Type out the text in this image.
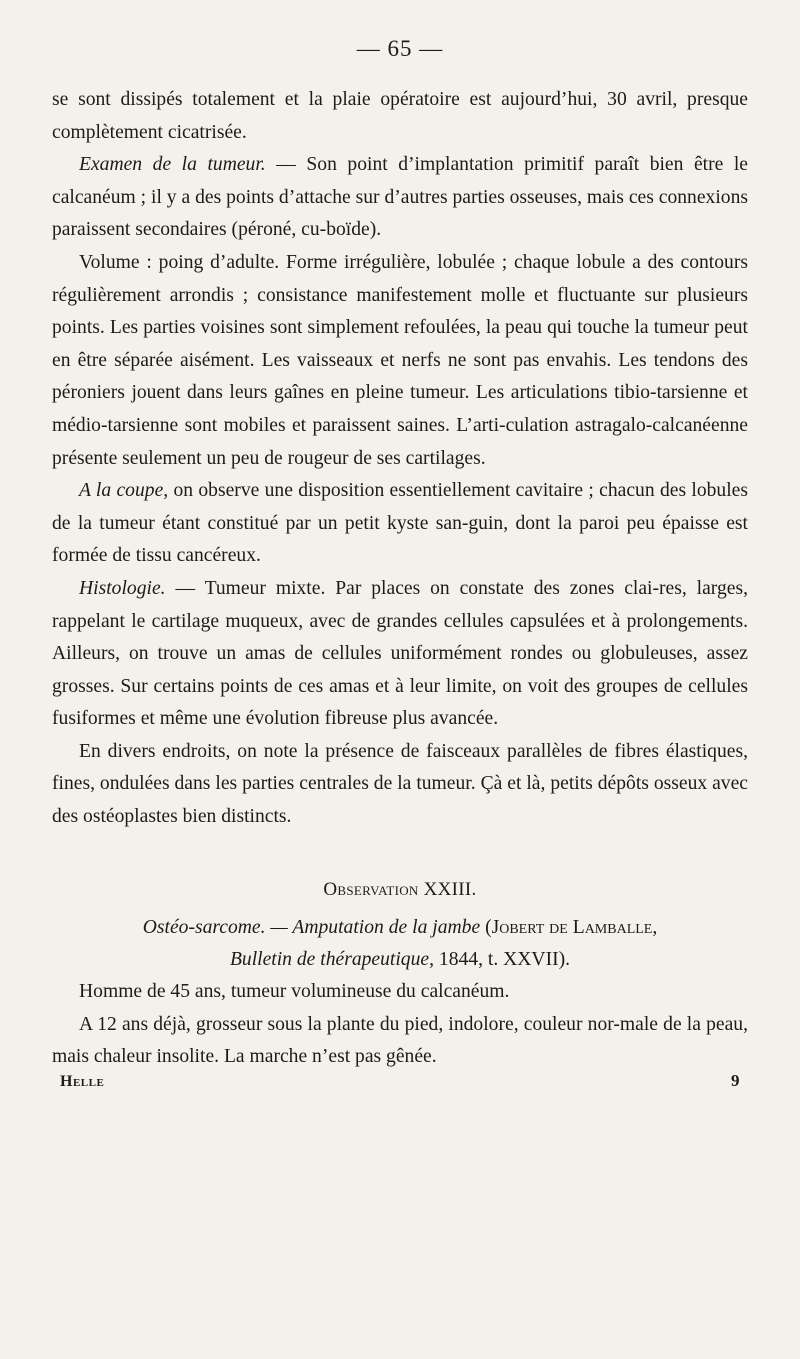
— 65 —

se sont dissipés totalement et la plaie opératoire est aujourd’hui, 30 avril, presque complètement cicatrisée.

Examen de la tumeur. — Son point d’implantation primitif paraît bien être le calcanéum ; il y a des points d’attache sur d’autres parties osseuses, mais ces connexions paraissent secondaires (péroné, cu-boïde).

Volume : poing d’adulte. Forme irrégulière, lobulée ; chaque lobule a des contours régulièrement arrondis ; consistance manifestement molle et fluctuante sur plusieurs points. Les parties voisines sont simplement refoulées, la peau qui touche la tumeur peut en être séparée aisément. Les vaisseaux et nerfs ne sont pas envahis. Les tendons des péroniers jouent dans leurs gaînes en pleine tumeur. Les articulations tibio-tarsienne et médio-tarsienne sont mobiles et paraissent saines. L’arti-culation astragalo-calcanéenne présente seulement un peu de rougeur de ses cartilages.

A la coupe, on observe une disposition essentiellement cavitaire ; chacun des lobules de la tumeur étant constitué par un petit kyste san-guin, dont la paroi peu épaisse est formée de tissu cancéreux.

Histologie. — Tumeur mixte. Par places on constate des zones clai-res, larges, rappelant le cartilage muqueux, avec de grandes cellules capsulées et à prolongements. Ailleurs, on trouve un amas de cellules uniformément rondes ou globuleuses, assez grosses. Sur certains points de ces amas et à leur limite, on voit des groupes de cellules fusiformes et même une évolution fibreuse plus avancée.

En divers endroits, on note la présence de faisceaux parallèles de fibres élastiques, fines, ondulées dans les parties centrales de la tumeur. Çà et là, petits dépôts osseux avec des ostéoplastes bien distincts.

Observation XXIII.
Ostéo-sarcome. — Amputation de la jambe (Jobert de Lamballe,
Bulletin de thérapeutique, 1844, t. XXVII).

Homme de 45 ans, tumeur volumineuse du calcanéum.

A 12 ans déjà, grosseur sous la plante du pied, indolore, couleur nor-male de la peau, mais chaleur insolite. La marche n’est pas gênée.

Helle	9
